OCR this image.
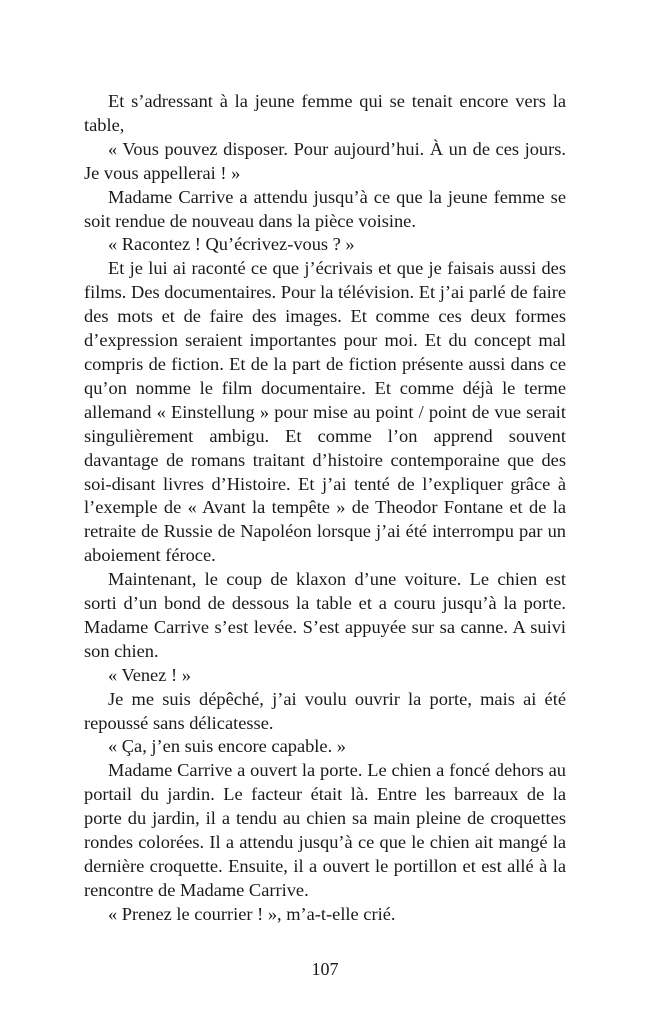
Et s’adressant à la jeune femme qui se tenait encore vers la table,

« Vous pouvez disposer. Pour aujourd’hui. À un de ces jours. Je vous appellerai ! »

Madame Carrive a attendu jusqu’à ce que la jeune femme se soit rendue de nouveau dans la pièce voisine.

« Racontez ! Qu’écrivez-vous ? »

Et je lui ai raconté ce que j’écrivais et que je faisais aussi des films. Des documentaires. Pour la télévision. Et j’ai parlé de faire des mots et de faire des images. Et comme ces deux formes d’expression seraient importantes pour moi. Et du concept mal compris de fiction. Et de la part de fiction présente aussi dans ce qu’on nomme le film documentaire. Et comme déjà le terme allemand « Einstellung » pour mise au point / point de vue serait singulièrement ambigu. Et comme l’on apprend souvent davantage de romans traitant d’histoire contemporaine que des soi-disant livres d’Histoire. Et j’ai tenté de l’expliquer grâce à l’exemple de « Avant la tempête » de Theodor Fontane et de la retraite de Russie de Napoléon lorsque j’ai été interrompu par un aboiement féroce.

Maintenant, le coup de klaxon d’une voiture. Le chien est sorti d’un bond de dessous la table et a couru jusqu’à la porte. Madame Carrive s’est levée. S’est appuyée sur sa canne. A suivi son chien.

« Venez ! »

Je me suis dépêché, j’ai voulu ouvrir la porte, mais ai été repoussé sans délicatesse.

« Ça, j’en suis encore capable. »

Madame Carrive a ouvert la porte. Le chien a foncé dehors au portail du jardin. Le facteur était là. Entre les barreaux de la porte du jardin, il a tendu au chien sa main pleine de croquettes rondes colorées. Il a attendu jusqu’à ce que le chien ait mangé la dernière croquette. Ensuite, il a ouvert le portillon et est allé à la rencontre de Madame Carrive.

« Prenez le courrier ! », m’a-t-elle crié.

107
